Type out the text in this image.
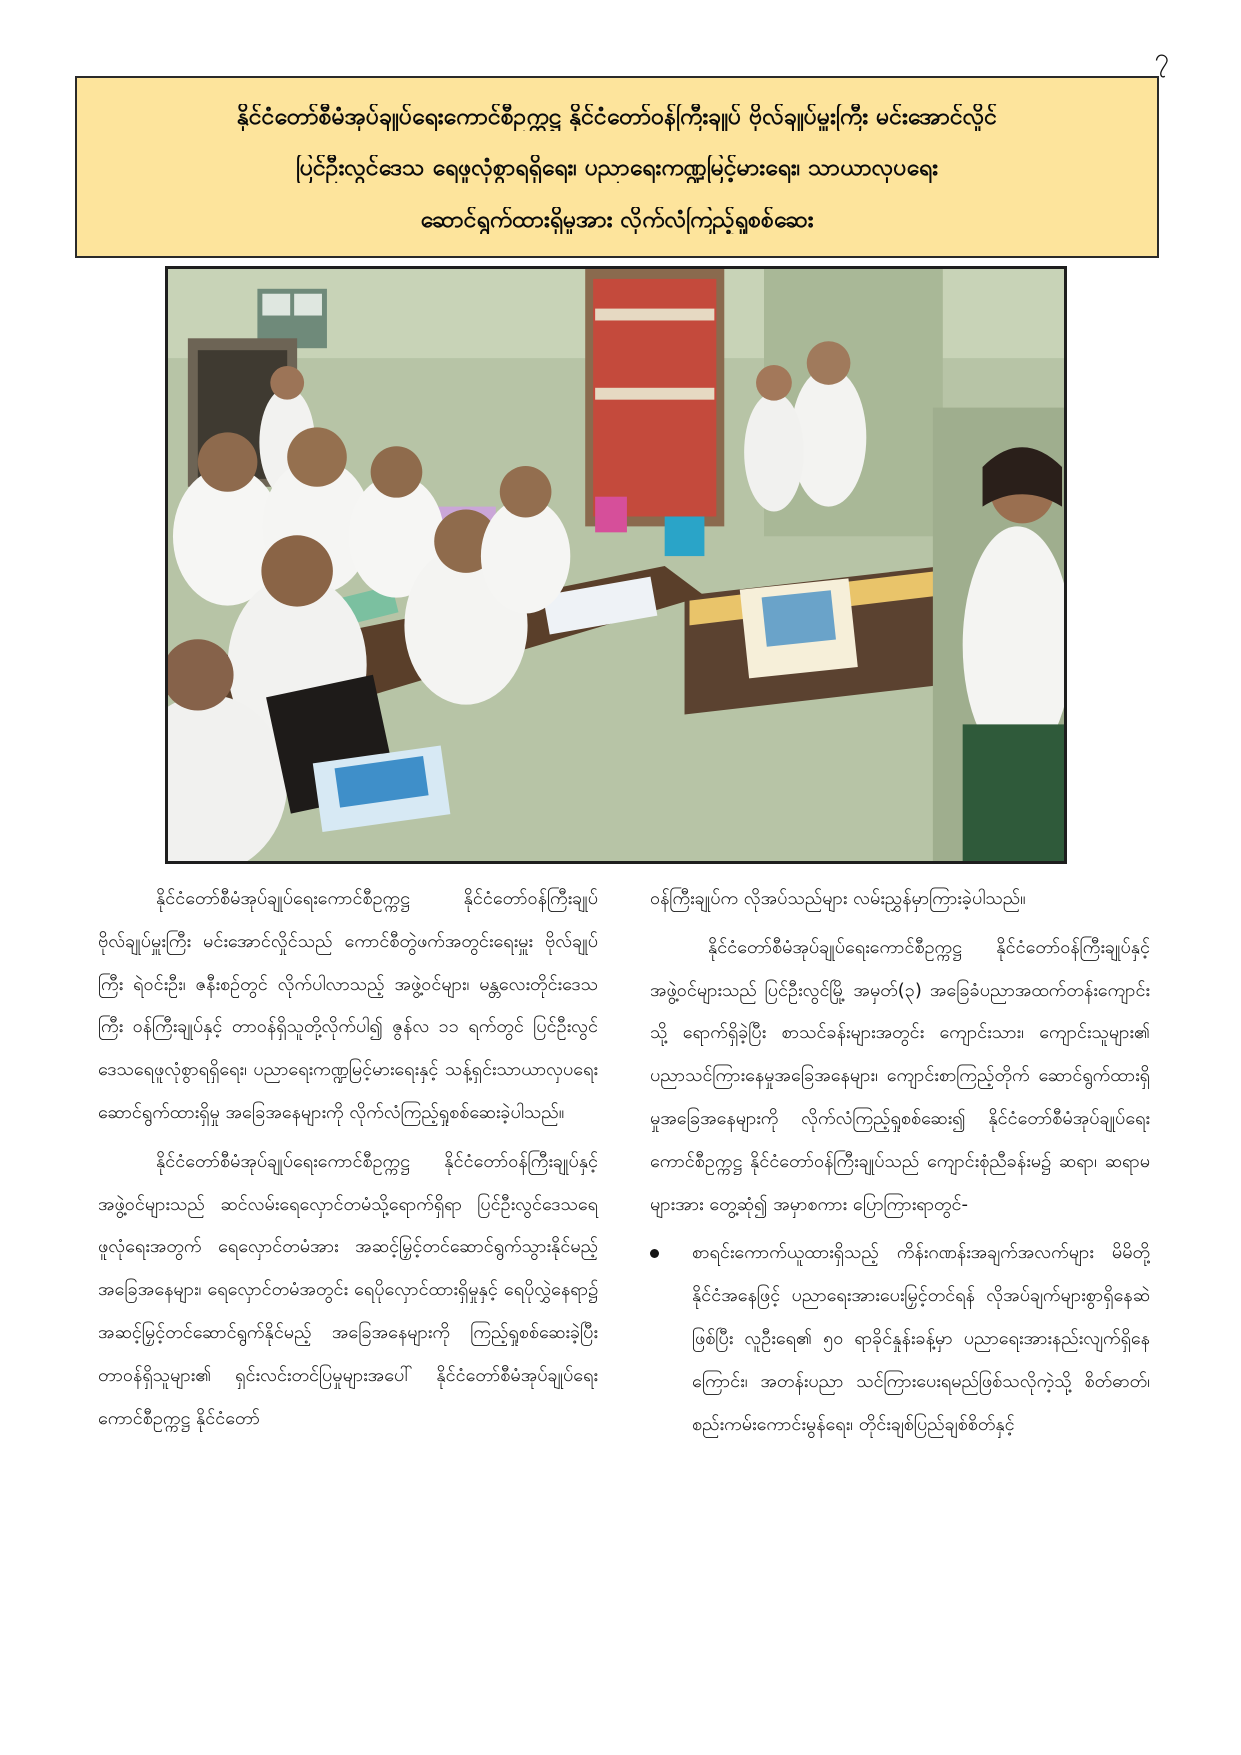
၇
နိုင်ငံတော်စီမံအုပ်ချုပ်ရေးကောင်စီဥက္ကဋ္ဌ နိုင်ငံတော်ဝန်ကြီးချုပ် ဗိုလ်ချုပ်မှူးကြီး မင်းအောင်လှိုင်
ပြင်ဦးလွင်ဒေသ ရေဖူလုံစွာရရှိရေး၊ ပညာရေးကဏ္ဍမြင့်မားရေး၊ သာယာလှပရေး
ဆောင်ရွက်ထားရှိမှုအား လိုက်လံကြည့်ရှုစစ်ဆေး

နိုင်ငံတော်စီမံအုပ်ချုပ်ရေးကောင်စီဥက္ကဋ္ဌ နိုင်ငံတော်ဝန်ကြီးချုပ် ဗိုလ်ချုပ်မှူးကြီး မင်းအောင်လှိုင်သည် ကောင်စီတွဲဖက်အတွင်းရေးမှူး ဗိုလ်ချုပ်ကြီး ရဲဝင်းဦး၊ ဇနီးစဉ်တွင် လိုက်ပါလာသည့် အဖွဲ့ဝင်များ၊ မန္တလေးတိုင်းဒေသကြီး ဝန်ကြီးချုပ်နှင့် တာဝန်ရှိသူတို့လိုက်ပါ၍ ဇွန်လ ၁၁ ရက်တွင် ပြင်ဦးလွင်ဒေသရေဖူလုံစွာရရှိရေး၊ ပညာရေးကဏ္ဍမြင့်မားရေးနှင့် သန့်ရှင်းသာယာလှပရေး ဆောင်ရွက်ထားရှိမှု အခြေအနေများကို လိုက်လံကြည့်ရှုစစ်ဆေးခဲ့ပါသည်။

နိုင်ငံတော်စီမံအုပ်ချုပ်ရေးကောင်စီဥက္ကဋ္ဌ နိုင်ငံတော်ဝန်ကြီးချုပ်နှင့် အဖွဲ့ဝင်များသည် ဆင်လမ်းရေလှောင်တမံသို့ရောက်ရှိရာ ပြင်ဦးလွင်ဒေသရေဖူလုံရေးအတွက် ရေလှောင်တမံအား အဆင့်မြှင့်တင်ဆောင်ရွက်သွားနိုင်မည့် အခြေအနေများ၊ ရေလှောင်တမံအတွင်း ရေပိုလှောင်ထားရှိမှုနှင့် ရေပိုလွှဲနေရာ၌ အဆင့်မြှင့်တင်ဆောင်ရွက်နိုင်မည့် အခြေအနေများကို ကြည့်ရှုစစ်ဆေးခဲ့ပြီး တာဝန်ရှိသူများ၏ ရှင်းလင်းတင်ပြမှုများအပေါ် နိုင်ငံတော်စီမံအုပ်ချုပ်ရေးကောင်စီဥက္ကဋ္ဌ နိုင်ငံတော်

ဝန်ကြီးချုပ်က လိုအပ်သည်များ လမ်းညွှန်မှာကြားခဲ့ပါသည်။

နိုင်ငံတော်စီမံအုပ်ချုပ်ရေးကောင်စီဥက္ကဋ္ဌ နိုင်ငံတော်ဝန်ကြီးချုပ်နှင့် အဖွဲ့ဝင်များသည် ပြင်ဦးလွင်မြို့ အမှတ်(၃) အခြေခံပညာအထက်တန်းကျောင်းသို့ ရောက်ရှိခဲ့ပြီး စာသင်ခန်းများအတွင်း ကျောင်းသား၊ ကျောင်းသူများ၏ ပညာသင်ကြားနေမှုအခြေအနေများ၊ ကျောင်းစာကြည့်တိုက် ဆောင်ရွက်ထားရှိမှုအခြေအနေများကို လိုက်လံကြည့်ရှုစစ်ဆေး၍ နိုင်ငံတော်စီမံအုပ်ချုပ်ရေးကောင်စီဥက္ကဋ္ဌ နိုင်ငံတော်ဝန်ကြီးချုပ်သည် ကျောင်းစုံညီခန်းမ၌ ဆရာ၊ ဆရာမများအား တွေ့ဆုံ၍ အမှာစကား ပြောကြားရာတွင်-

စာရင်းကောက်ယူထားရှိသည့် ကိန်းဂဏန်းအချက်အလက်များ မိမိတို့နိုင်ငံအနေဖြင့် ပညာရေးအားပေးမြှင့်တင်ရန် လိုအပ်ချက်များစွာရှိနေဆဲဖြစ်ပြီး လူဦးရေ၏ ၅၀ ရာခိုင်နှုန်းခန့်မှာ ပညာရေးအားနည်းလျက်ရှိနေကြောင်း၊ အတန်းပညာ သင်ကြားပေးရမည်ဖြစ်သလိုကဲ့သို့ စိတ်ဓာတ်၊ စည်းကမ်းကောင်းမွန်ရေး၊ တိုင်းချစ်ပြည်ချစ်စိတ်နှင့်
